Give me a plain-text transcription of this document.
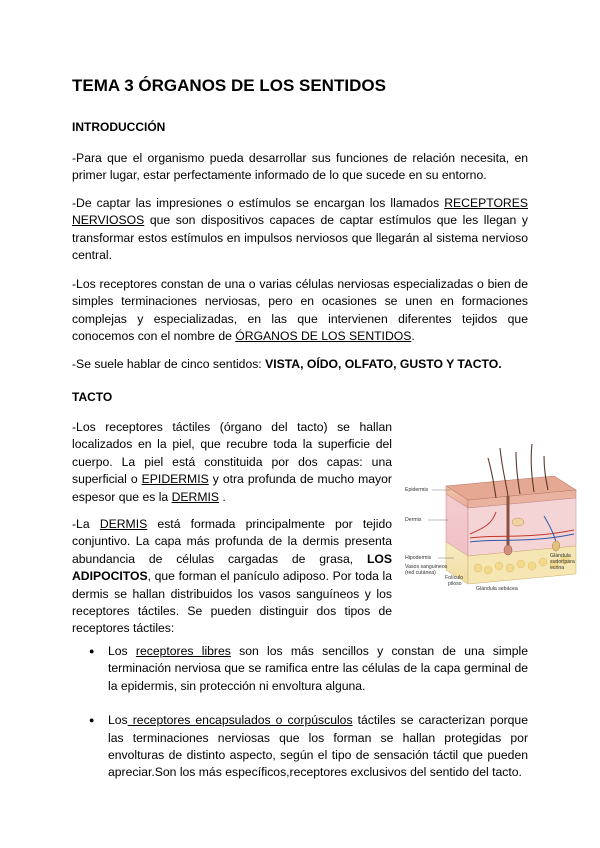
TEMA 3 ÓRGANOS DE LOS SENTIDOS
INTRODUCCIÓN

-Para que el organismo pueda desarrollar sus funciones de relación necesita, en primer lugar, estar perfectamente informado de lo que sucede en su entorno.

-De captar las impresiones o estímulos se encargan los llamados RECEPTORES NERVIOSOS que son dispositivos capaces de captar estímulos que les llegan y transformar estos estímulos en impulsos nerviosos que llegarán al sistema nervioso central.

-Los receptores constan de una o varias células nerviosas especializadas o bien de simples terminaciones nerviosas, pero en ocasiones se unen en formaciones complejas y especializadas, en las que intervienen diferentes tejidos que conocemos con el nombre de ÓRGANOS DE LOS SENTIDOS.

-Se suele hablar de cinco sentidos: VISTA, OÍDO, OLFATO, GUSTO Y TACTO.

TACTO

-Los receptores táctiles (órgano del tacto) se hallan localizados en la piel, que recubre toda la superficie del cuerpo. La piel está constituida por dos capas: una superficial o EPIDERMIS y otra profunda de mucho mayor espesor que es la DERMIS .

-La DERMIS está formada principalmente por tejido conjuntivo. La capa más profunda de la dermis presenta abundancia de células cargadas de grasa, LOS ADIPOCITOS, que forman el panículo adiposo. Por toda la dermis se hallan distribuidos los vasos sanguíneos y los receptores táctiles. Se pueden distinguir dos tipos de receptores táctiles:

Epidermis
Dermis
Hipodermis
Vasos sanguíneos
(red cutánea)
Folículo
piloso
Glándula sebácea
Glándula
sudorípara
ecrina
● Los receptores libres son los más sencillos y constan de una simple terminación nerviosa que se ramifica entre las células de la capa germinal de la epidermis, sin protección ni envoltura alguna.
● Los receptores encapsulados o corpúsculos táctiles se caracterizan porque las terminaciones nerviosas que los forman se hallan protegidas por envolturas de distinto aspecto, según el tipo de sensación táctil que pueden apreciar.Son los más específicos,receptores exclusivos del sentido del tacto.
